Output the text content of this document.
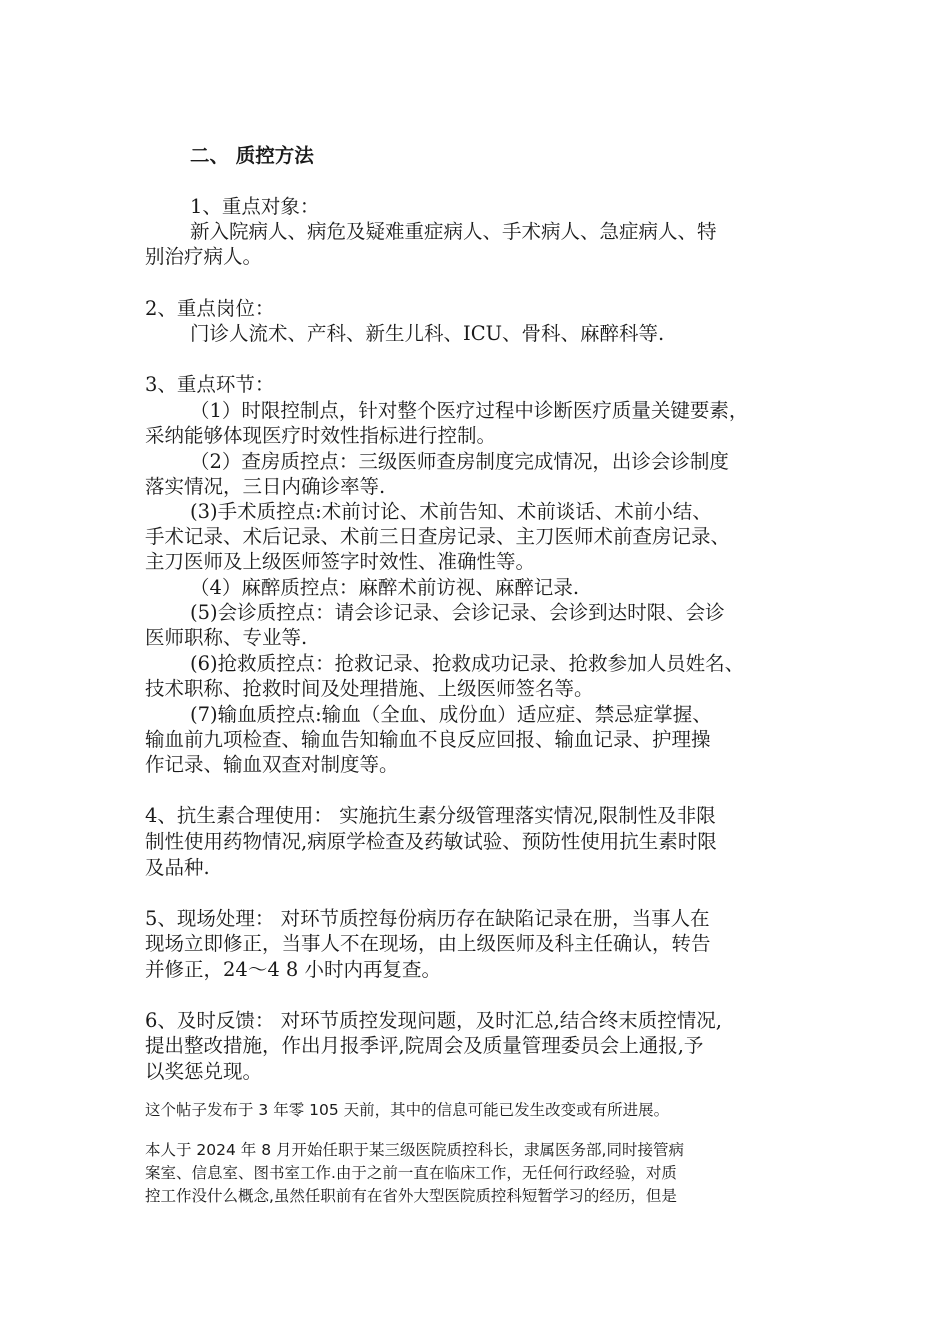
二、 质控方法
1、重点对象：
新入院病人、病危及疑难重症病人、手术病人、急症病人、特
别治疗病人。
2、重点岗位：
门诊人流术、产科、新生儿科、ICU、骨科、麻醉科等.
3、重点环节：
（1）时限控制点，针对整个医疗过程中诊断医疗质量关键要素，
采纳能够体现医疗时效性指标进行控制。
（2）查房质控点：三级医师查房制度完成情况，出诊会诊制度
落实情况，三日内确诊率等.
(3)手术质控点:术前讨论、术前告知、术前谈话、术前小结、
手术记录、术后记录、术前三日查房记录、主刀医师术前查房记录、
主刀医师及上级医师签字时效性、准确性等。
（4）麻醉质控点：麻醉术前访视、麻醉记录.
(5)会诊质控点：请会诊记录、会诊记录、会诊到达时限、会诊
医师职称、专业等.
(6)抢救质控点：抢救记录、抢救成功记录、抢救参加人员姓名、
技术职称、抢救时间及处理措施、上级医师签名等。
(7)输血质控点:输血（全血、成份血）适应症、禁忌症掌握、
输血前九项检查、输血告知输血不良反应回报、输血记录、护理操
作记录、输血双查对制度等。
4、抗生素合理使用： 实施抗生素分级管理落实情况,限制性及非限
制性使用药物情况,病原学检查及药敏试验、预防性使用抗生素时限
及品种.
5、现场处理： 对环节质控每份病历存在缺陷记录在册，当事人在
现场立即修正，当事人不在现场，由上级医师及科主任确认，转告
并修正，24～4 8 小时内再复查。
6、及时反馈： 对环节质控发现问题，及时汇总,结合终末质控情况,
提出整改措施，作出月报季评,院周会及质量管理委员会上通报,予
以奖惩兑现。
这个帖子发布于 3 年零 105 天前，其中的信息可能已发生改变或有所进展。
本人于 2024 年 8 月开始任职于某三级医院质控科长，隶属医务部,同时接管病
案室、信息室、图书室工作.由于之前一直在临床工作，无任何行政经验，对质
控工作没什么概念,虽然任职前有在省外大型医院质控科短暂学习的经历，但是
